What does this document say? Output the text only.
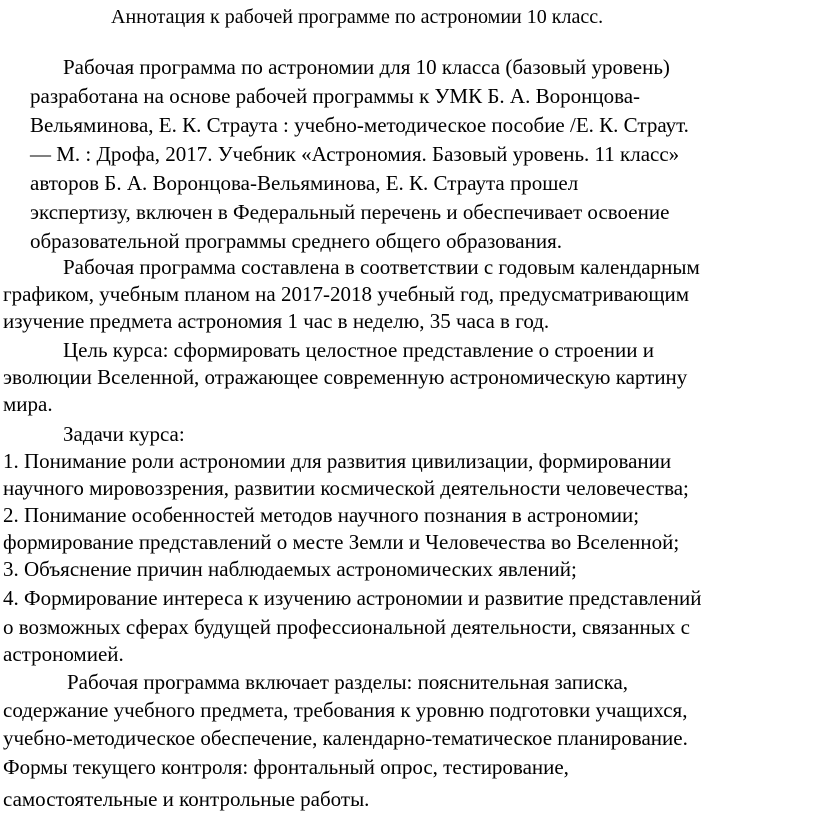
Аннотация к рабочей программе по астрономии 10 класс.
Рабочая программа по астрономии для 10 класса (базовый уровень)
разработана на основе рабочей программы к УМК Б. А. Воронцова-
Вельяминова, Е. К. Страута : учебно-методическое пособие /Е. К. Страут.
— М. : Дрофа, 2017. Учебник «Астрономия. Базовый уровень. 11 класс»
авторов Б. А. Воронцова-Вельяминова, Е. К. Страута прошел
экспертизу, включен в Федеральный перечень и обеспечивает освоение
образовательной программы среднего общего образования.
Рабочая программа составлена в соответствии с годовым календарным
графиком, учебным планом на 2017-2018 учебный год, предусматривающим
изучение предмета астрономия 1 час в неделю, 35 часа в год.
Цель курса: сформировать целостное представление о строении и
эволюции Вселенной, отражающее современную астрономическую картину
мира.
Задачи курса:
1. Понимание роли астрономии для развития цивилизации, формировании
научного мировоззрения, развитии космической деятельности человечества;
2. Понимание особенностей методов научного познания в астрономии;
формирование представлений о месте Земли и Человечества во Вселенной;
3. Объяснение причин наблюдаемых астрономических явлений;
4. Формирование интереса к изучению астрономии и развитие представлений
о возможных сферах будущей профессиональной деятельности, связанных с
астрономией.
Рабочая программа включает разделы: пояснительная записка,
содержание учебного предмета, требования к уровню подготовки учащихся,
учебно-методическое обеспечение, календарно-тематическое планирование.
Формы текущего контроля: фронтальный опрос, тестирование,
самостоятельные и контрольные работы.
